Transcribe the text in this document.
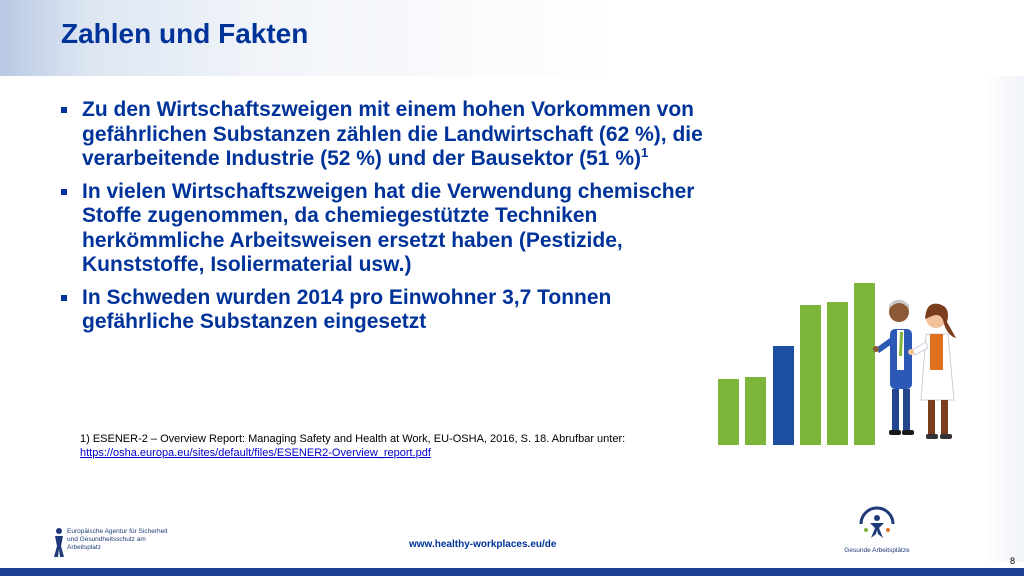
Zahlen und Fakten
Zu den Wirtschaftszweigen mit einem hohen Vorkommen von gefährlichen Substanzen zählen die Landwirtschaft (62 %), die verarbeitende Industrie (52 %) und der Bausektor (51 %)$^1$
In vielen Wirtschaftszweigen hat die Verwendung chemischer Stoffe zugenommen, da chemiegestützte Techniken herkömmliche Arbeitsweisen ersetzt haben (Pestizide, Kunststoffe, Isoliermaterial usw.)
In Schweden wurden 2014 pro Einwohner 3,7 Tonnen gefährliche Substanzen eingesetzt
1) ESENER-2 – Overview Report: Managing Safety and Health at Work, EU-OSHA, 2016, S. 18. Abrufbar unter: https://osha.europa.eu/sites/default/files/ESENER2-Overview_report.pdf
Europäische Agentur für Sicherheit und Gesundheitsschutz am Arbeitsplatz	www.healthy-workplaces.eu/de
Gesunde Arbeitsplätze
8
